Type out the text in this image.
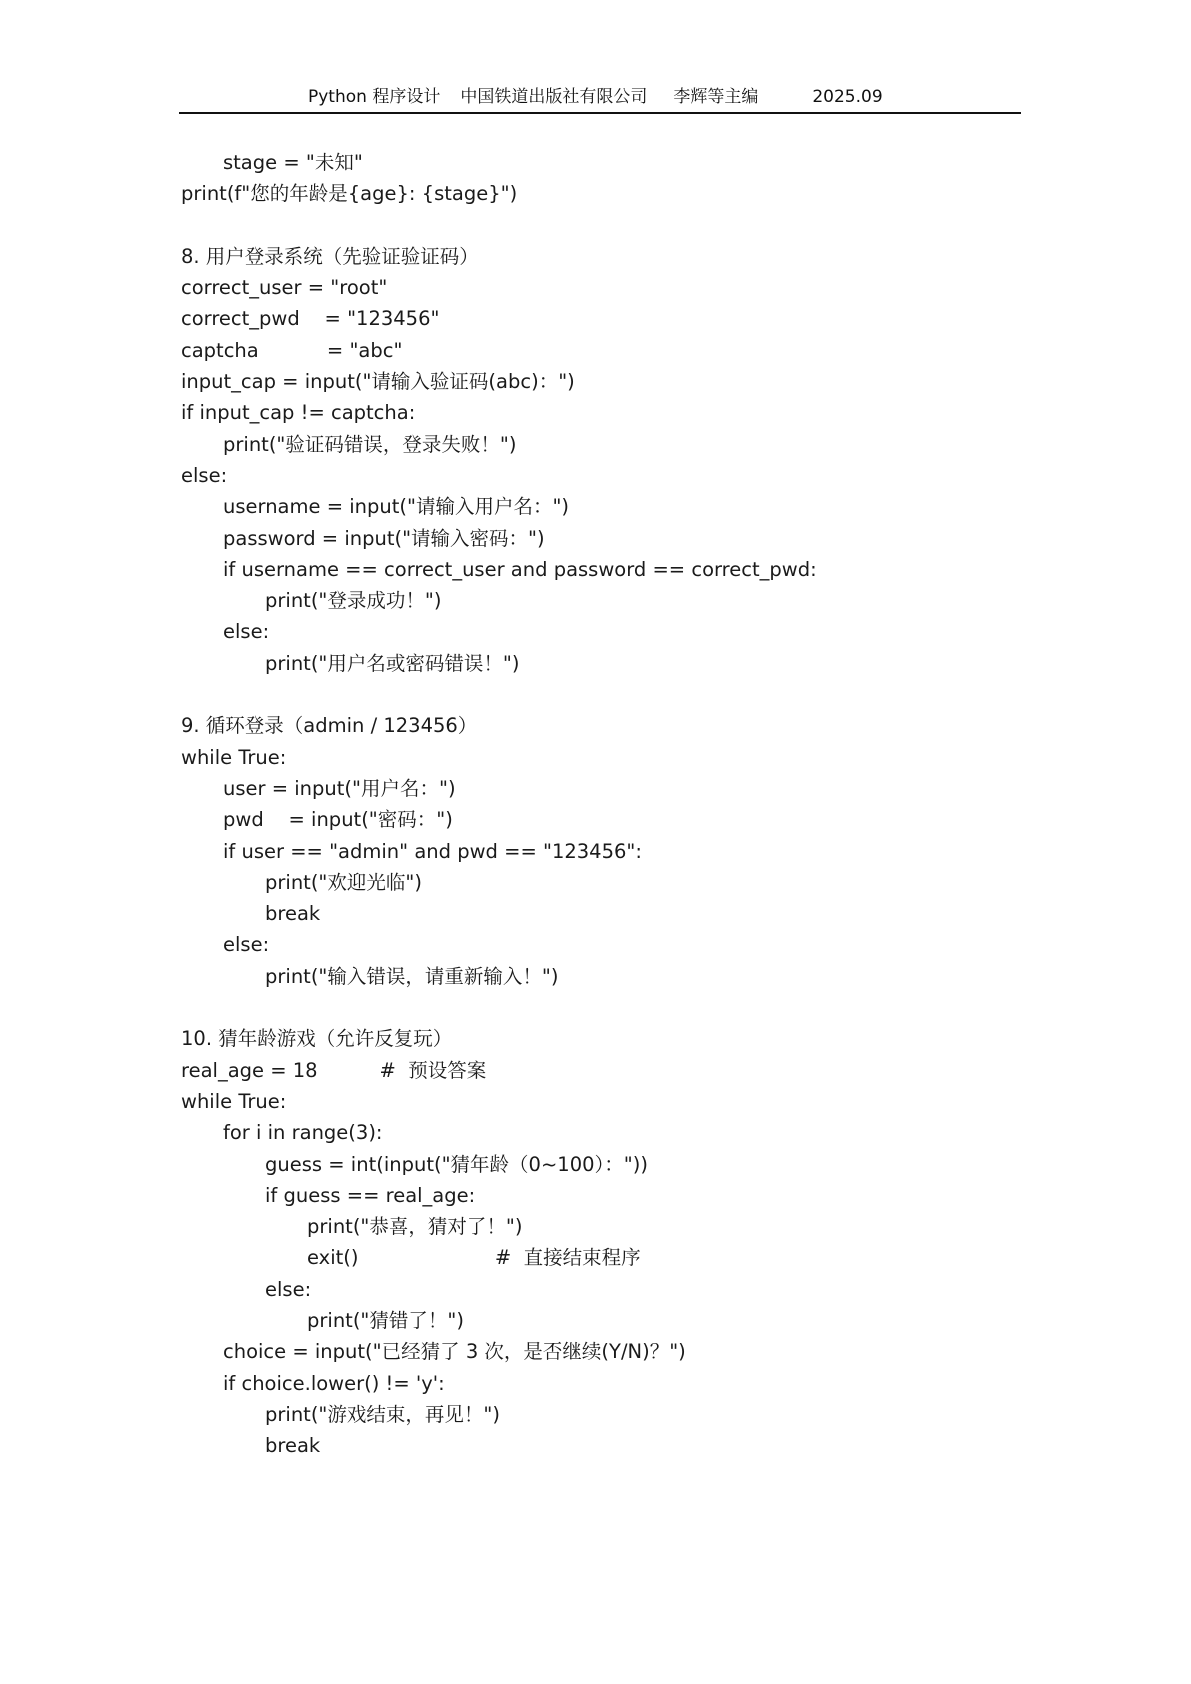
Python 程序设计 中国铁道出版社有限公司 李辉等主编	2025.09
stage = "未知"
print(f"您的年龄是{age}: {stage}")
8. 用户登录系统（先验证验证码）
correct_user = "root"
correct_pwd    = "123456"
captcha           = "abc"
input_cap = input("请输入验证码(abc)：")
if input_cap != captcha:
print("验证码错误，登录失败！")
else:
username = input("请输入用户名：")
password = input("请输入密码：")
if username == correct_user and password == correct_pwd:
print("登录成功！")
else:
print("用户名或密码错误！")
9. 循环登录（admin / 123456）
while True:
user = input("用户名：")
pwd    = input("密码：")
if user == "admin" and pwd == "123456":
print("欢迎光临")
break
else:
print("输入错误，请重新输入！")
10. 猜年龄游戏（允许反复玩）
real_age = 18          #  预设答案
while True:
for i in range(3):
guess = int(input("猜年龄（0~100）："))
if guess == real_age:
print("恭喜，猜对了！")
exit()                      #  直接结束程序
else:
print("猜错了！")
choice = input("已经猜了 3 次，是否继续(Y/N)？")
if choice.lower() != 'y':
print("游戏结束，再见！")
break
